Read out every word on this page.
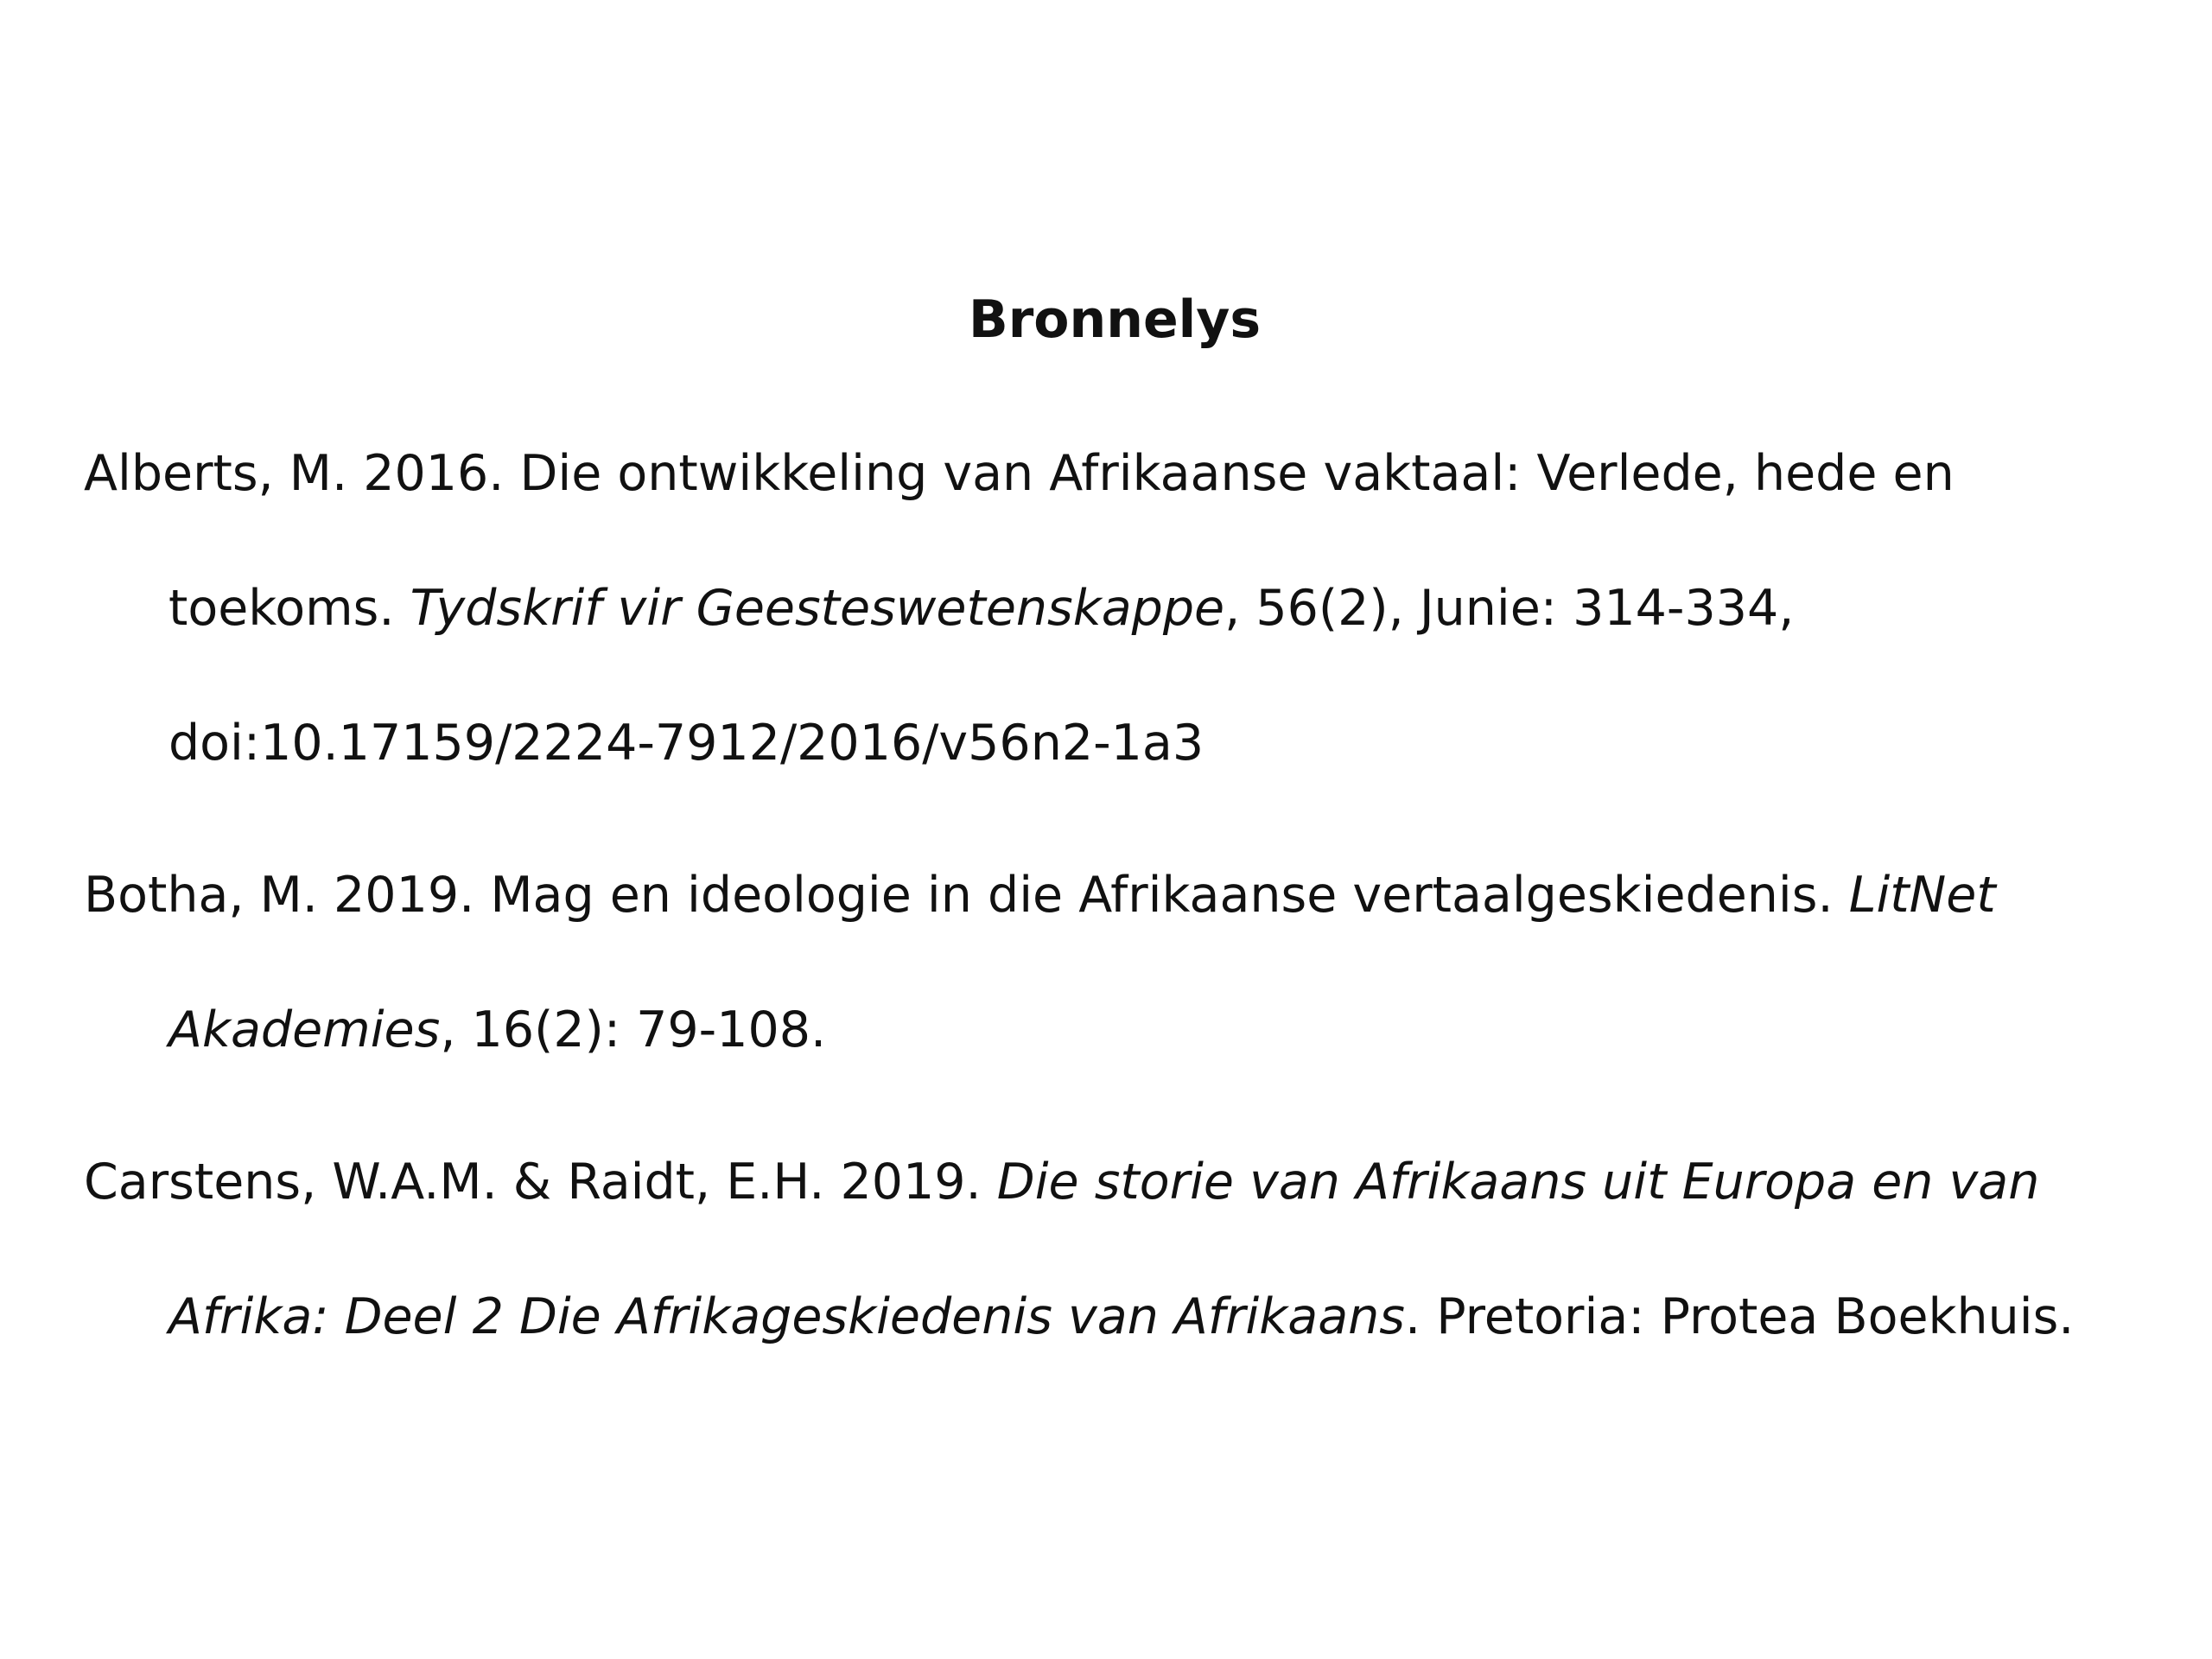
Bronnelys

Alberts, M. 2016. Die ontwikkeling van Afrikaanse vaktaal: Verlede, hede en
toekoms. Tydskrif vir Geesteswetenskappe, 56(2), Junie: 314-334,
doi:10.17159/2224-7912/2016/v56n2-1a3

Botha, M. 2019. Mag en ideologie in die Afrikaanse vertaalgeskiedenis. LitNet
Akademies, 16(2): 79-108.

Carstens, W.A.M. & Raidt, E.H. 2019. Die storie van Afrikaans uit Europa en van
Afrika: Deel 2 Die Afrikageskiedenis van Afrikaans. Pretoria: Protea Boekhuis.
